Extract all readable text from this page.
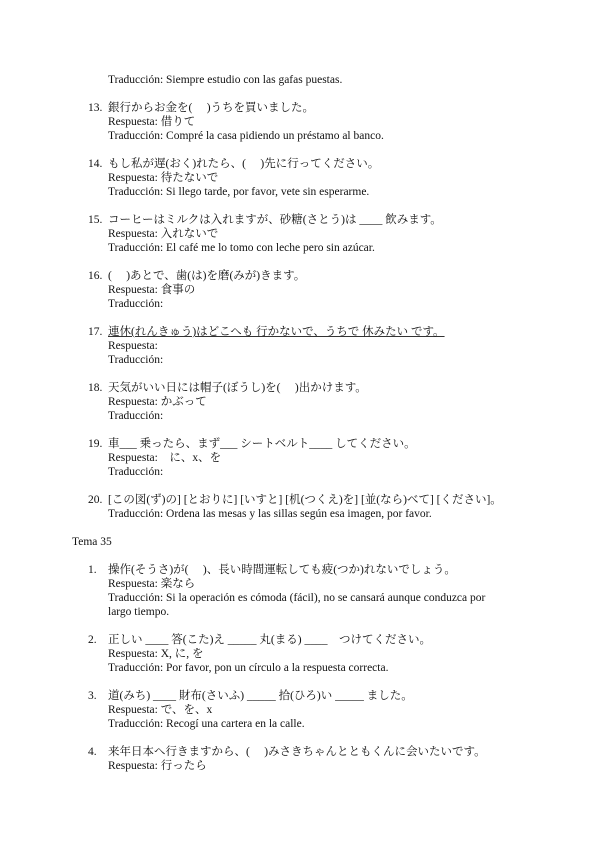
Traducción: Siempre estudio con las gafas puestas.
13. 銀行からお金を(　 )うちを買いました。
Respuesta: 借りて
Traducción: Compré la casa pidiendo un préstamo al banco.
14. もし私が遅(おく)れたら、(　 )先に行ってください。
Respuesta: 待たないで
Traducción: Si llego tarde, por favor, vete sin esperarme.
15. コーヒーはミルクは入れますが、砂糖(さとう)は ____ 飲みます。
Respuesta: 入れないで
Traducción: El café me lo tomo con leche pero sin azúcar.
16. (　 )あとで、歯(は)を磨(みが)きます。
Respuesta: 食事の
Traducción:
17. 連休(れんきゅう)はどこへも 行かないで、うちで 休みたい です。
Respuesta:
Traducción:
18. 天気がいい日には帽子(ぼうし)を(　 )出かけます。
Respuesta: かぶって
Traducción:
19. 車___ 乗ったら、まず___ シートベルト____ してください。
Respuesta:　に、x、を
Traducción:
20. [この図(ず)の] [とおりに] [いすと] [机(つくえ)を] [並(なら)べて] [ください]。
Traducción: Ordena las mesas y las sillas según esa imagen, por favor.
Tema 35
1. 操作(そうさ)が(　 )、長い時間運転しても疲(つか)れないでしょう。
Respuesta: 楽なら
Traducción: Si la operación es cómoda (fácil), no se cansará aunque conduzca por
largo tiempo.
2. 正しい ____ 答(こた)え _____ 丸(まる) ____　つけてください。
Respuesta: X, に, を
Traducción: Por favor, pon un círculo a la respuesta correcta.
3. 道(みち) ____ 財布(さいふ) _____ 拾(ひろ)い _____ ました。
Respuesta: で、を、x
Traducción: Recogí una cartera en la calle.
4. 来年日本へ行きますから、(　 )みさきちゃんとともくんに会いたいです。
Respuesta: 行ったら
